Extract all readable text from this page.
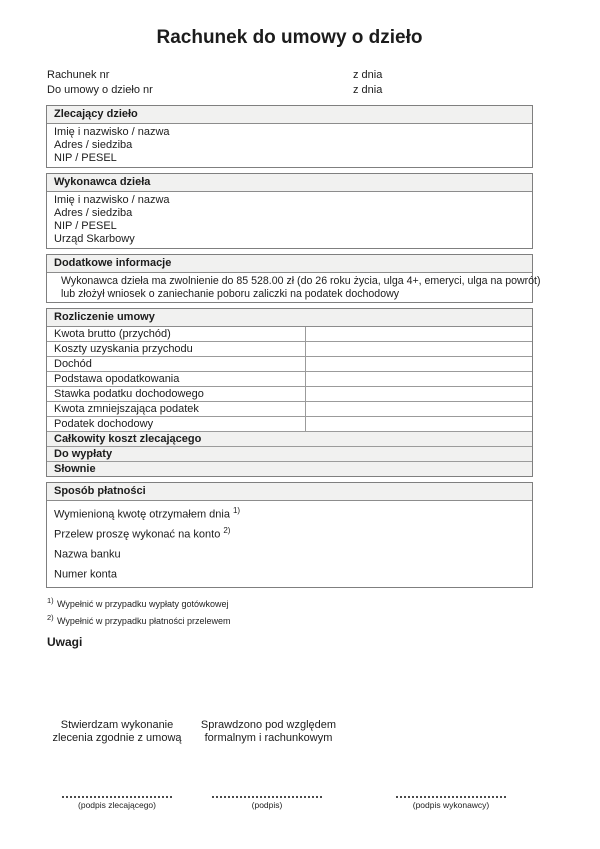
Rachunek do umowy o dzieło
Rachunek nr	z dnia
Do umowy o dzieło nr	z dnia
Zlecający dzieło
Imię i nazwisko / nazwa
Adres / siedziba
NIP / PESEL
Wykonawca dzieła
Imię i nazwisko / nazwa
Adres / siedziba
NIP / PESEL
Urząd Skarbowy
Dodatkowe informacje
Wykonawca dzieła ma zwolnienie do 85 528.00 zł (do 26 roku życia, ulga 4+, emeryci, ulga na powrót)
lub złożył wniosek o zaniechanie poboru zaliczki na podatek dochodowy
Rozliczenie umowy
Kwota brutto (przychód)
Koszty uzyskania przychodu
Dochód
Podstawa opodatkowania
Stawka podatku dochodowego
Kwota zmniejszająca podatek
Podatek dochodowy
Całkowity koszt zlecającego
Do wypłaty
Słownie
Sposób płatności
Wymienioną kwotę otrzymałem dnia $^{1)}$
Przelew proszę wykonać na konto $^{2)}$
Nazwa banku
Numer konta
1) Wypełnić w przypadku wypłaty gotówkowej
2) Wypełnić w przypadku płatności przelewem
Uwagi
Stwierdzam wykonanie
zlecenia zgodnie z umową
Sprawdzono pod względem
formalnym i rachunkowym
(podpis zlecającego)	(podpis)	(podpis wykonawcy)
